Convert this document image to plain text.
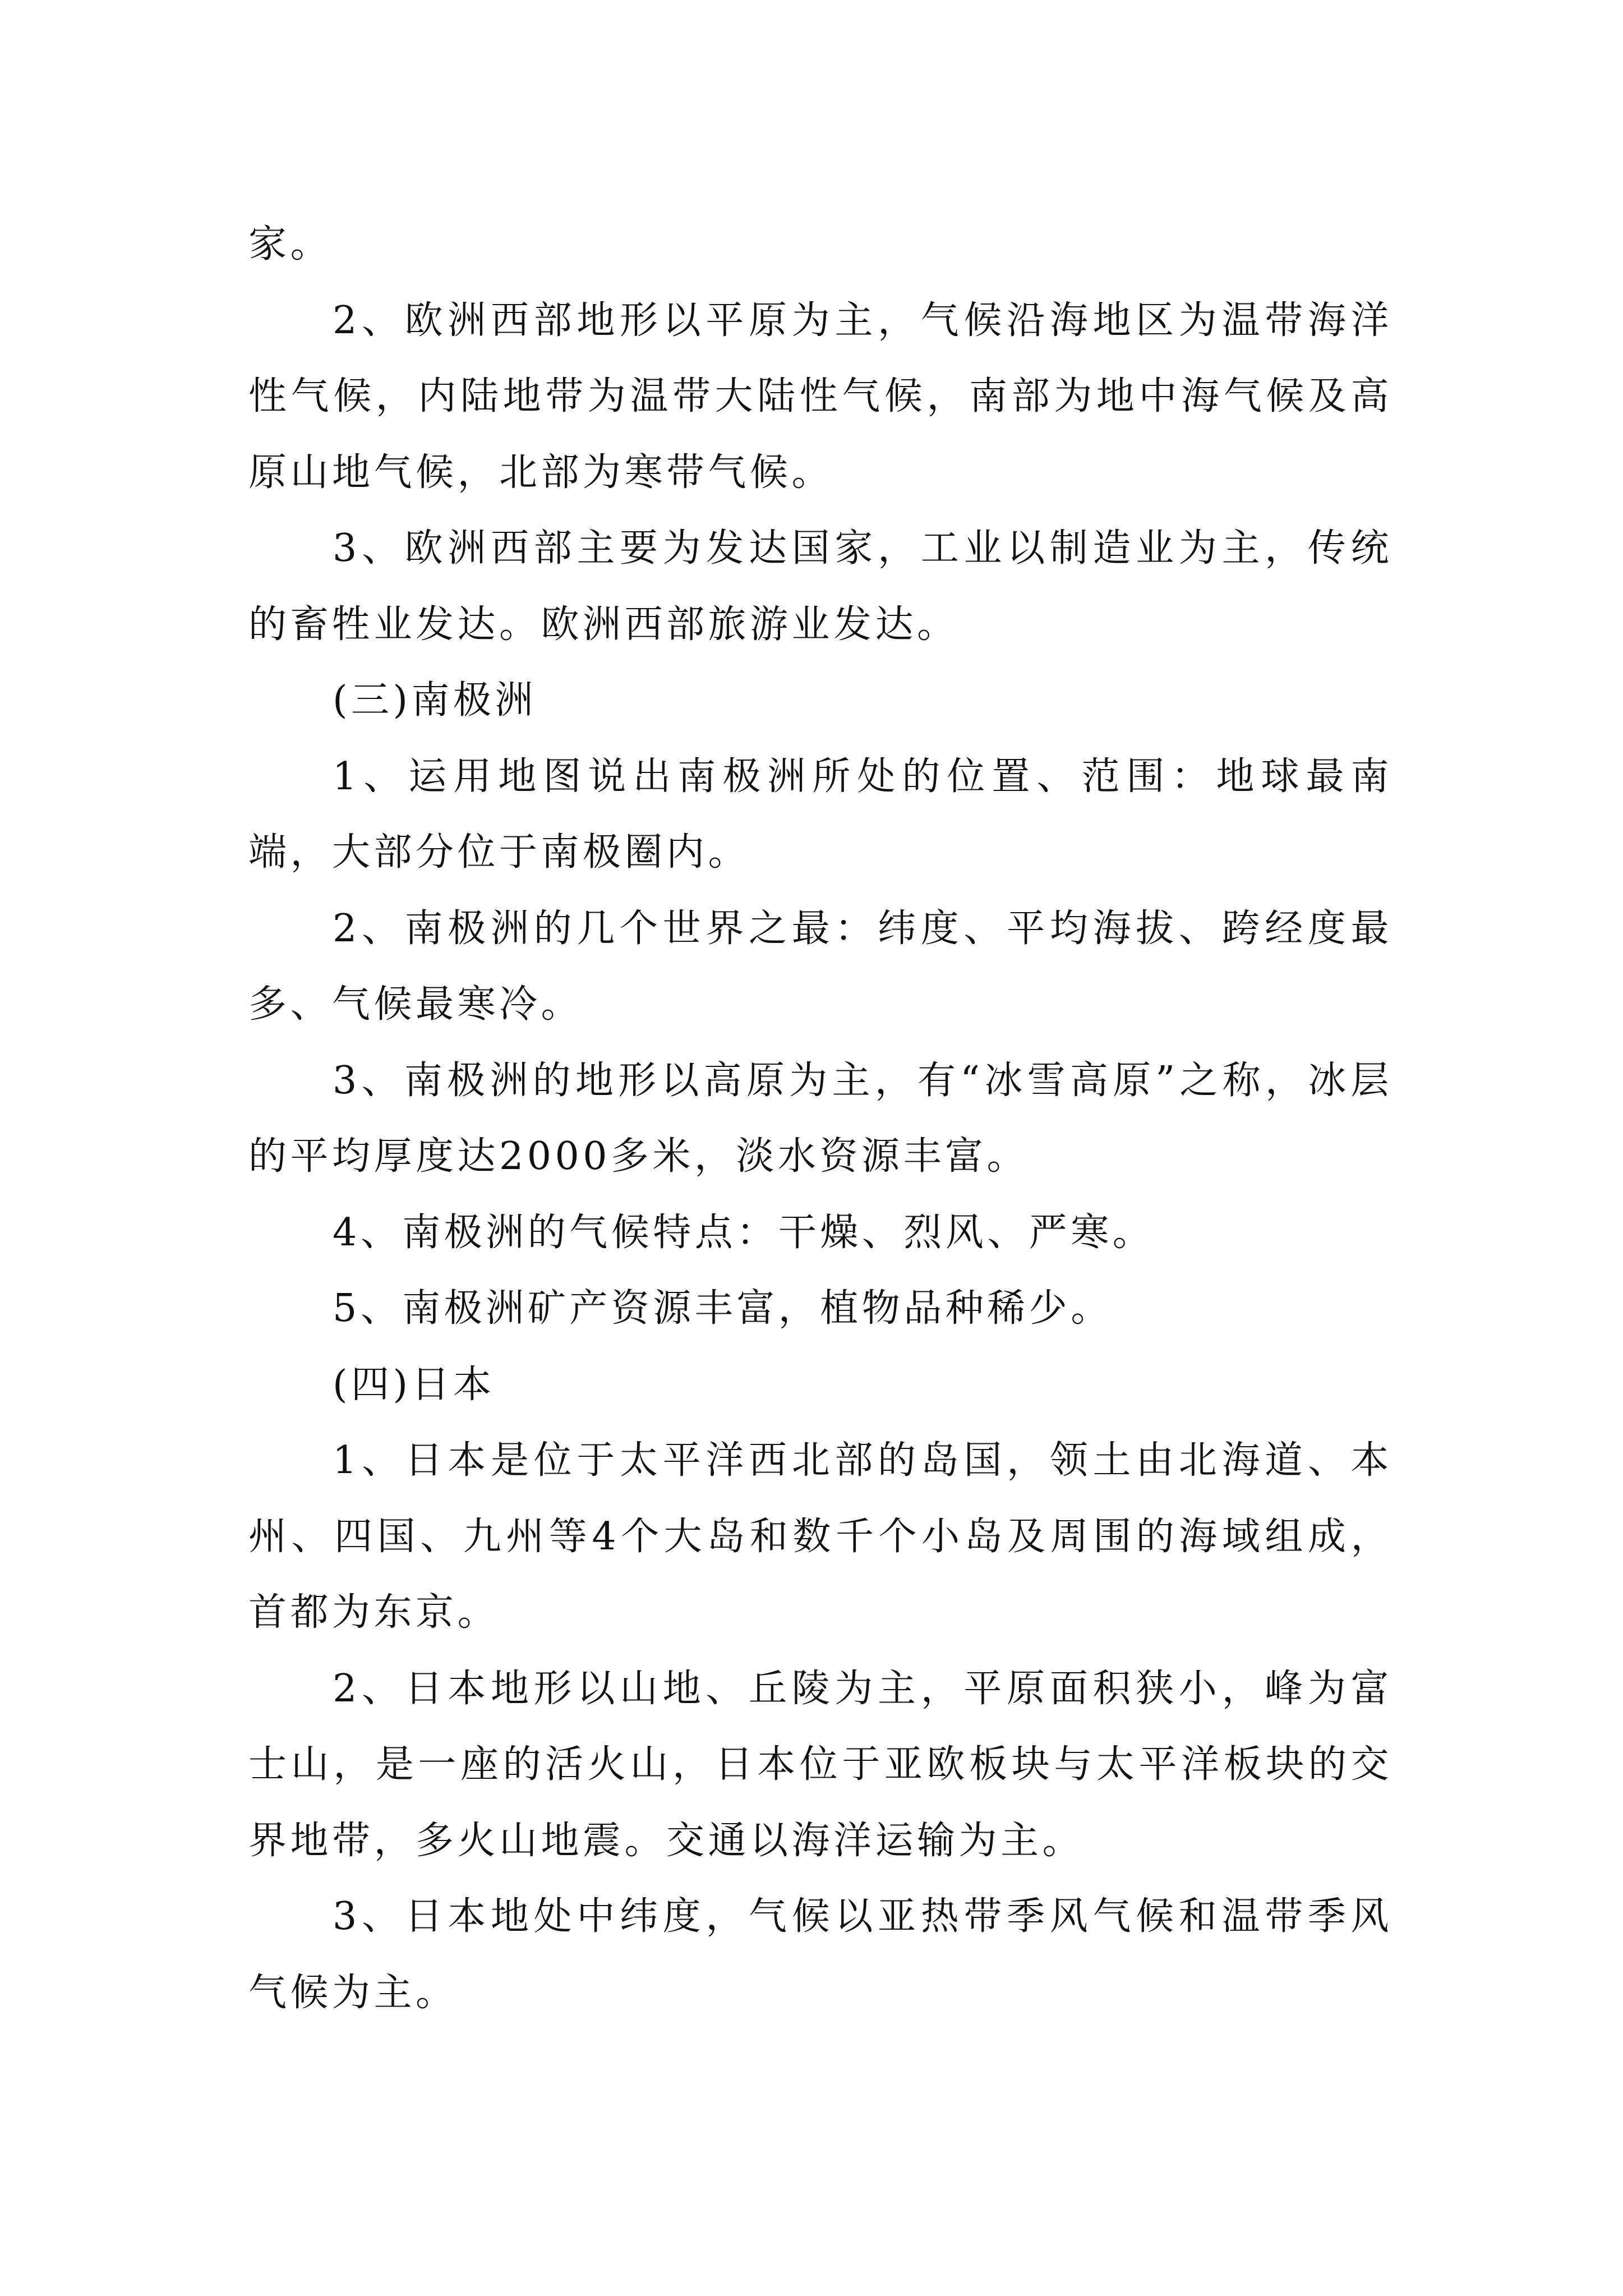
家。

2、欧洲西部地形以平原为主，气候沿海地区为温带海洋性气候，内陆地带为温带大陆性气候，南部为地中海气候及高原山地气候，北部为寒带气候。

3、欧洲西部主要为发达国家，工业以制造业为主，传统的畜牲业发达。欧洲西部旅游业发达。

(三)南极洲

1、运用地图说出南极洲所处的位置、范围：地球最南端，大部分位于南极圈内。

2、南极洲的几个世界之最：纬度、平均海拔、跨经度最多、气候最寒冷。

3、南极洲的地形以高原为主，有“冰雪高原”之称，冰层的平均厚度达2000多米，淡水资源丰富。

4、南极洲的气候特点：干燥、烈风、严寒。

5、南极洲矿产资源丰富，植物品种稀少。

(四)日本

1、日本是位于太平洋西北部的岛国，领土由北海道、本州、四国、九州等4个大岛和数千个小岛及周围的海域组成，首都为东京。

2、日本地形以山地、丘陵为主，平原面积狭小，峰为富士山，是一座的活火山，日本位于亚欧板块与太平洋板块的交界地带，多火山地震。交通以海洋运输为主。

3、日本地处中纬度，气候以亚热带季风气候和温带季风气候为主。
